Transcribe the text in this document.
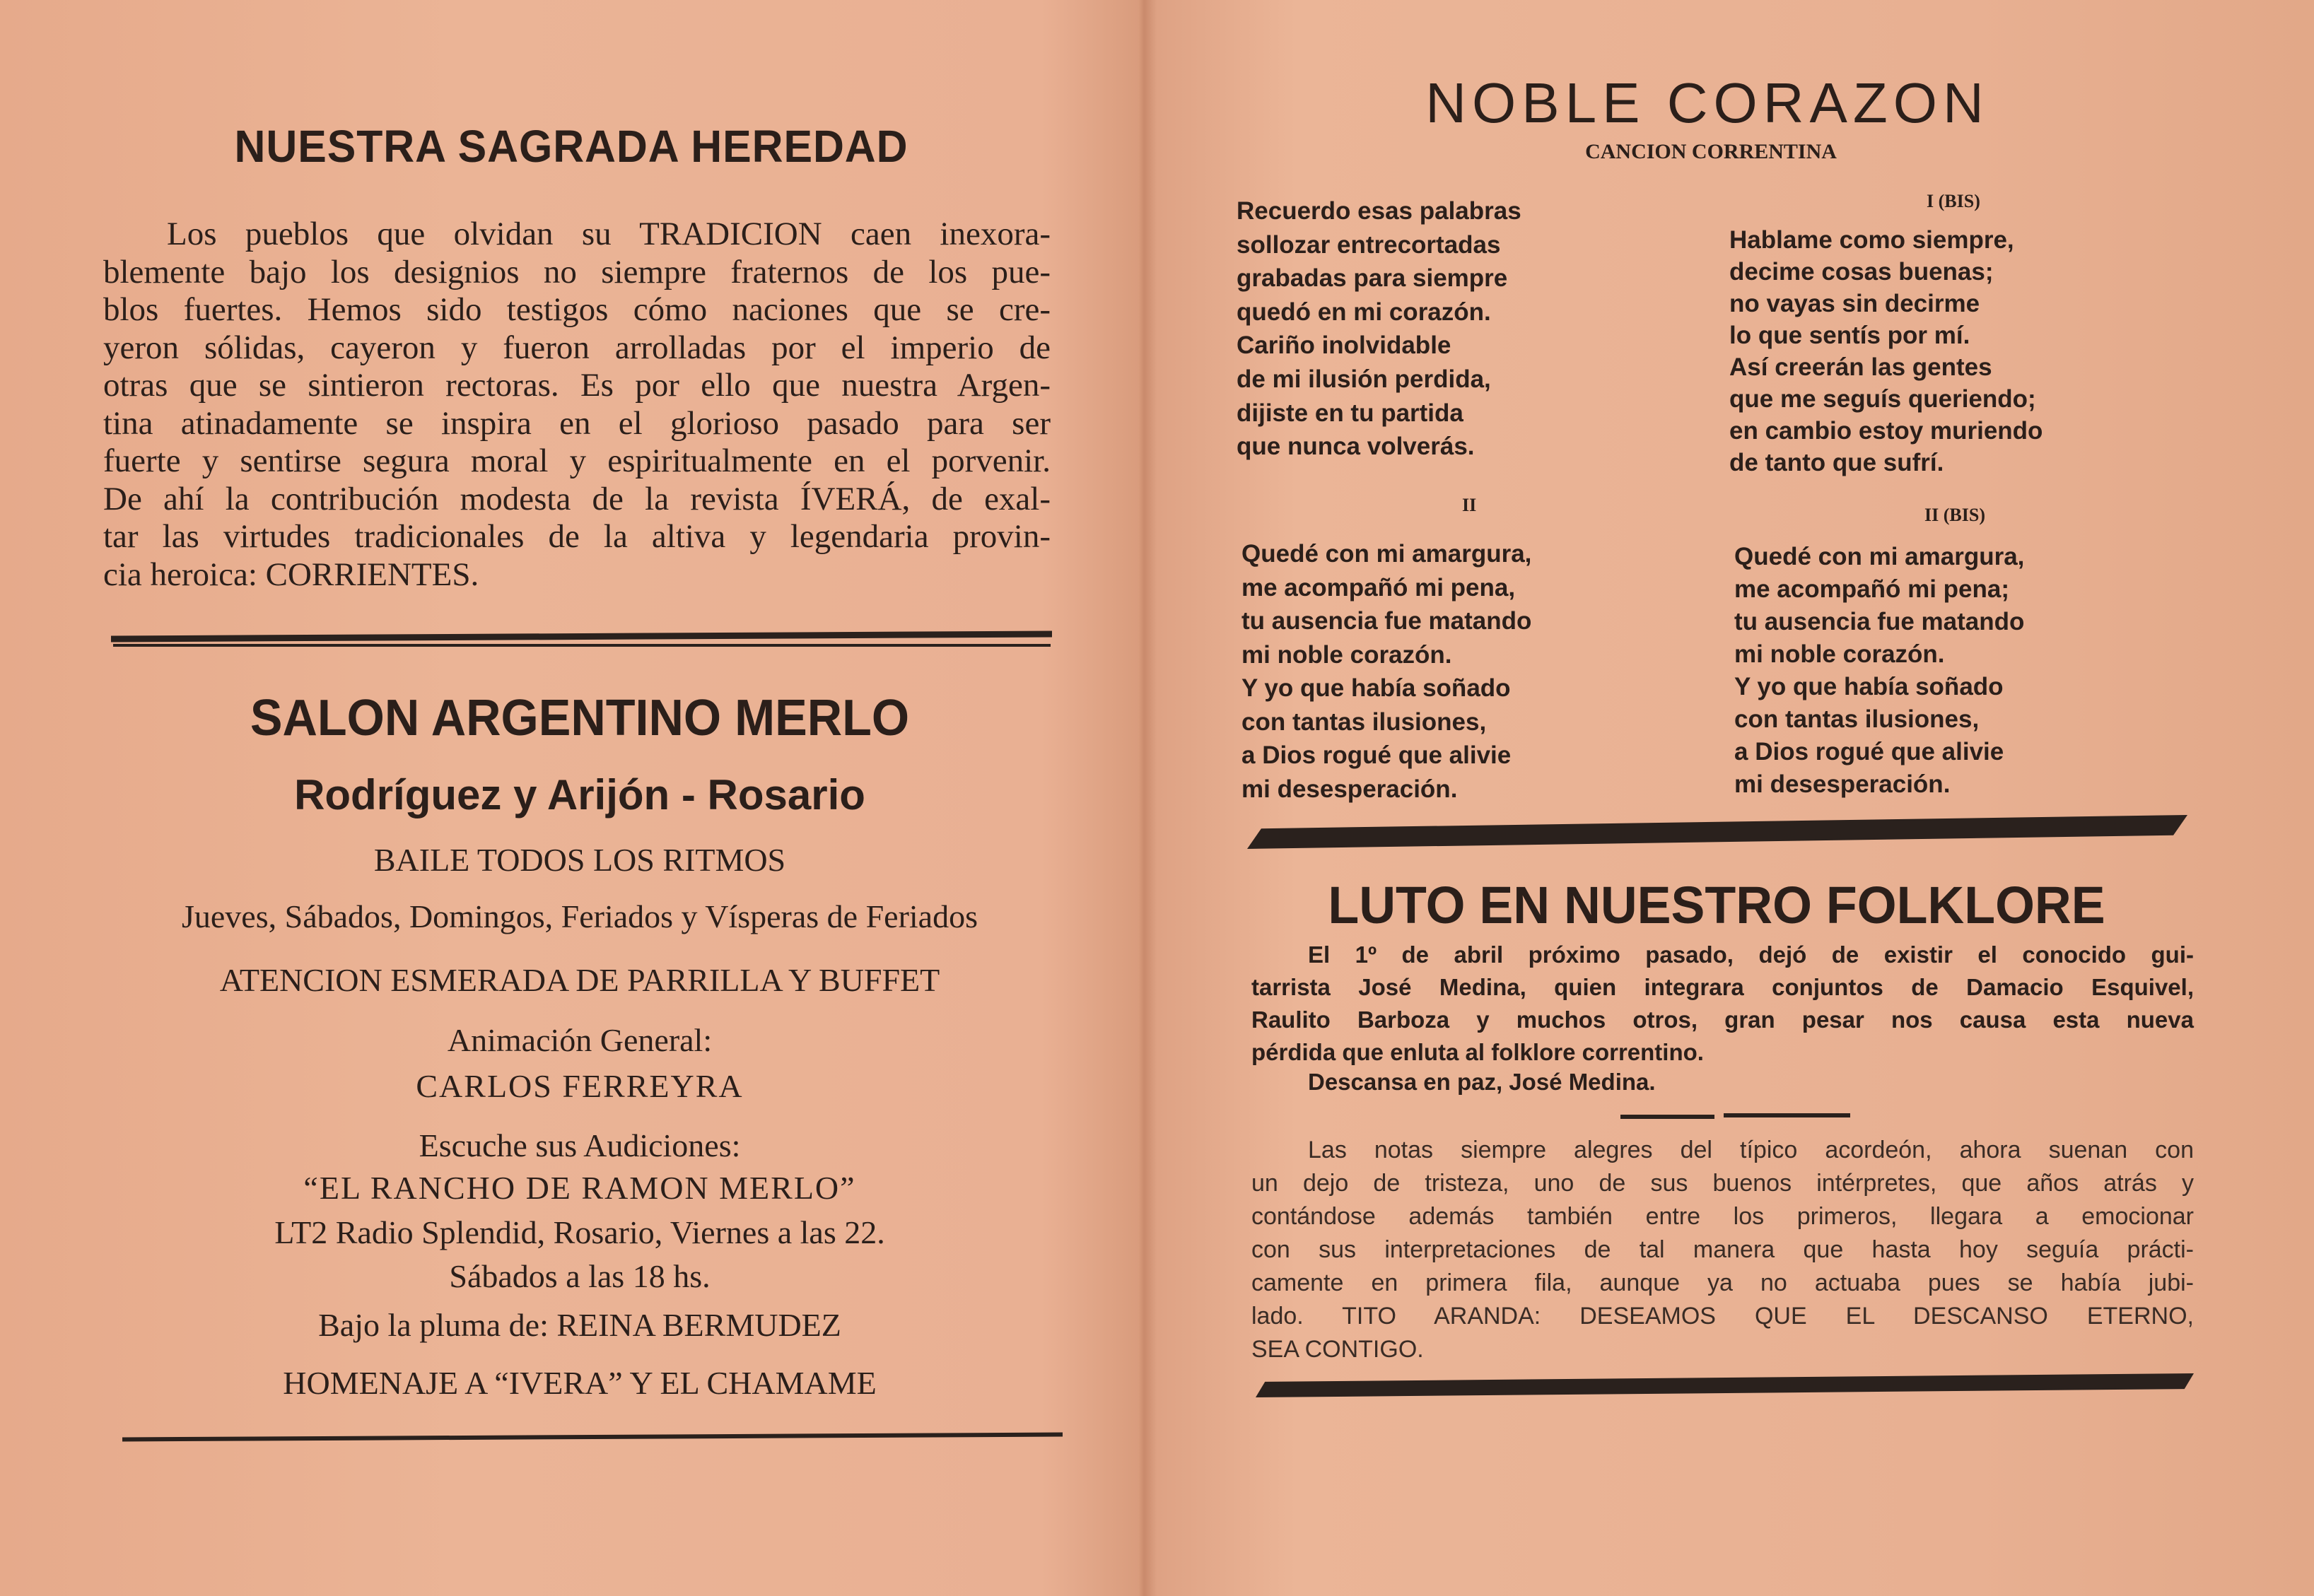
NUESTRA SAGRADA HEREDAD
Los pueblos que olvidan su TRADICION caen inexora-
blemente bajo los designios no siempre fraternos de los pue-
blos fuertes. Hemos sido testigos cómo naciones que se cre-
yeron sólidas, cayeron y fueron arrolladas por el imperio de
otras que se sintieron rectoras. Es por ello que nuestra Argen-
tina atinadamente se inspira en el glorioso pasado para ser
fuerte y sentirse segura moral y espiritualmente en el porvenir.
De ahí la contribución modesta de la revista ÍVERÁ, de exal-
tar las virtudes tradicionales de la altiva y legendaria provin-
cia heroica: CORRIENTES.
SALON ARGENTINO MERLO
Rodríguez y Arijón - Rosario
BAILE TODOS LOS RITMOS
Jueves, Sábados, Domingos, Feriados y Vísperas de Feriados
ATENCION ESMERADA DE PARRILLA Y BUFFET
Animación General:
CARLOS FERREYRA
Escuche sus Audiciones:
“EL RANCHO DE RAMON MERLO”
LT2 Radio Splendid, Rosario, Viernes a las 22.
Sábados a las 18 hs.
Bajo la pluma de: REINA BERMUDEZ
HOMENAJE A “IVERA” Y EL CHAMAME
NOBLE CORAZON
CANCION CORRENTINA
I (BIS)
Recuerdo esas palabras
sollozar entrecortadas
grabadas para siempre
quedó en mi corazón.
Cariño inolvidable
de mi ilusión perdida,
dijiste en tu partida
que nunca volverás.
Hablame como siempre,
decime cosas buenas;
no vayas sin decirme
lo que sentís por mí.
Así creerán las gentes
que me seguís queriendo;
en cambio estoy muriendo
de tanto que sufrí.
II	II (BIS)
Quedé con mi amargura,
me acompañó mi pena,
tu ausencia fue matando
mi noble corazón.
Y yo que había soñado
con tantas ilusiones,
a Dios rogué que alivie
mi desesperación.
Quedé con mi amargura,
me acompañó mi pena;
tu ausencia fue matando
mi noble corazón.
Y yo que había soñado
con tantas ilusiones,
a Dios rogué que alivie
mi desesperación.
LUTO EN NUESTRO FOLKLORE
El 1º de abril próximo pasado, dejó de existir el conocido gui-
tarrista José Medina, quien integrara conjuntos de Damacio Esquivel,
Raulito Barboza y muchos otros, gran pesar nos causa esta nueva
pérdida que enluta al folklore correntino.
Descansa en paz, José Medina.
Las notas siempre alegres del típico acordeón, ahora suenan con
un dejo de tristeza, uno de sus buenos intérpretes, que años atrás y
contándose además también entre los primeros, llegara a emocionar
con sus interpretaciones de tal manera que hasta hoy seguía prácti-
camente en primera fila, aunque ya no actuaba pues se había jubi-
lado. TITO ARANDA: DESEAMOS QUE EL DESCANSO ETERNO,
SEA CONTIGO.
